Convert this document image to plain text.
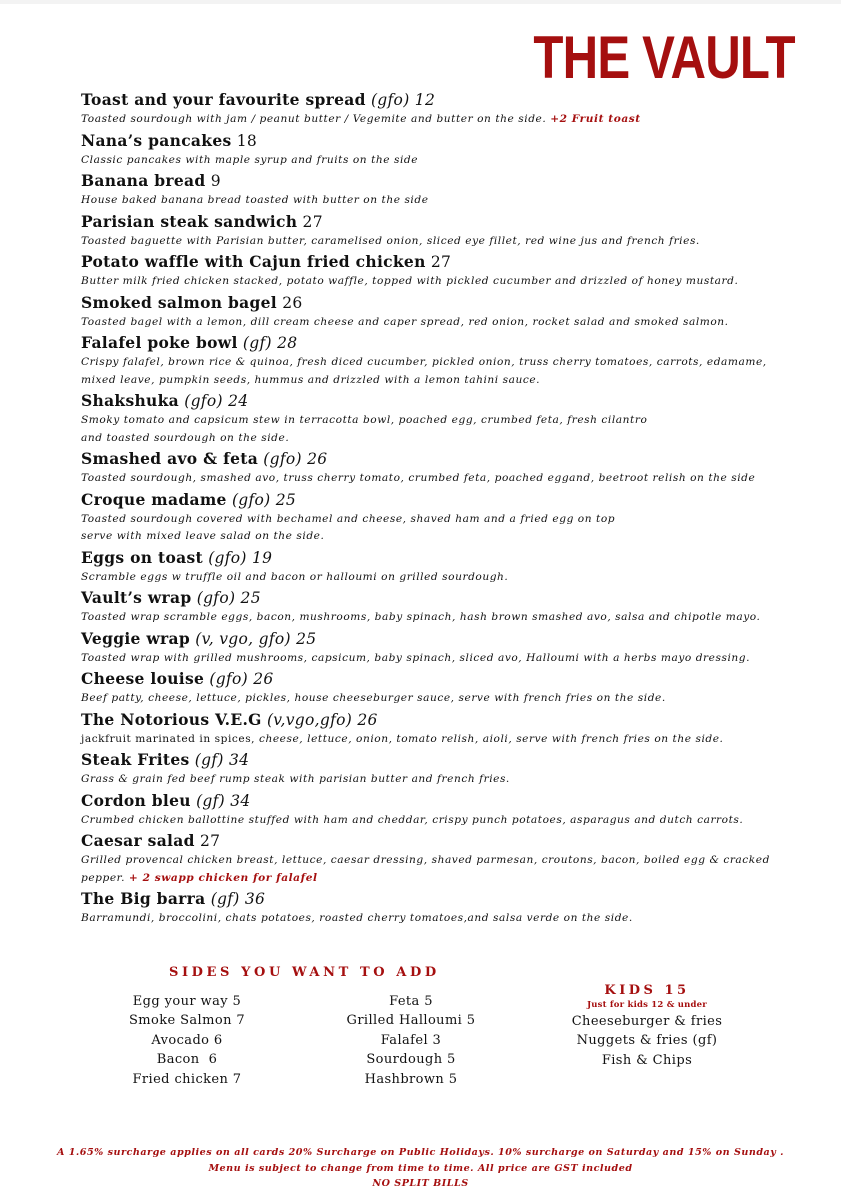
THE VAULT
Toast and your favourite spread (gfo) 12
Toasted sourdough with jam / peanut butter / Vegemite and butter on the side. +2 Fruit toast
Nana’s pancakes 18
Classic pancakes with maple syrup and fruits on the side
Banana bread 9
House baked banana bread toasted with butter on the side
Parisian steak sandwich 27
Toasted baguette with Parisian butter, caramelised onion, sliced eye fillet, red wine jus and french fries.
Potato waffle with Cajun fried chicken 27
Butter milk fried chicken stacked, potato waffle, topped with pickled cucumber and drizzled of honey mustard.
Smoked salmon bagel 26
Toasted bagel with a lemon, dill cream cheese and caper spread, red onion, rocket salad and smoked salmon.
Falafel poke bowl (gf) 28
Crispy falafel, brown rice & quinoa, fresh diced cucumber, pickled onion, truss cherry tomatoes, carrots, edamame,
mixed leave, pumpkin seeds, hummus and drizzled with a lemon tahini sauce.
Shakshuka (gfo) 24
Smoky tomato and capsicum stew in terracotta bowl, poached egg, crumbed feta, fresh cilantro
and toasted sourdough on the side.
Smashed avo & feta (gfo) 26
Toasted sourdough, smashed avo, truss cherry tomato, crumbed feta, poached eggand, beetroot relish on the side
Croque madame (gfo) 25
Toasted sourdough covered with bechamel and cheese, shaved ham and a fried egg on top
serve with mixed leave salad on the side.
Eggs on toast (gfo) 19
Scramble eggs w truffle oil and bacon or halloumi on grilled sourdough.
Vault’s wrap (gfo) 25
Toasted wrap scramble eggs, bacon, mushrooms, baby spinach, hash brown smashed avo, salsa and chipotle mayo.
Veggie wrap (v, vgo, gfo) 25
Toasted wrap with grilled mushrooms, capsicum, baby spinach, sliced avo, Halloumi with a herbs mayo dressing.
Cheese louise (gfo) 26
Beef patty, cheese, lettuce, pickles, house cheeseburger sauce, serve with french fries on the side.
The Notorious V.E.G (v,vgo,gfo) 26
jackfruit marinated in spices, cheese, lettuce, onion, tomato relish, aioli, serve with french fries on the side.
Steak Frites (gf) 34
Grass & grain fed beef rump steak with parisian butter and french fries.
Cordon bleu (gf) 34
Crumbed chicken ballottine stuffed with ham and cheddar, crispy punch potatoes, asparagus and dutch carrots.
Caesar salad 27
Grilled provencal chicken breast, lettuce, caesar dressing, shaved parmesan, croutons, bacon, boiled egg & cracked
pepper. + 2 swapp chicken for falafel
The Big barra (gf) 36
Barramundi, broccolini, chats potatoes, roasted cherry tomatoes,and salsa verde on the side.
SIDES YOU WANT TO ADD
Egg your way 5
Smoke Salmon 7
Avocado 6
Bacon  6
Fried chicken 7
Feta 5
Grilled Halloumi 5
Falafel 3
Sourdough 5
Hashbrown 5
KIDS 15
Just for kids 12 & under
Cheeseburger & fries
Nuggets & fries (gf)
Fish & Chips
A 1.65% surcharge applies on all cards 20% Surcharge on Public Holidays. 10% surcharge on Saturday and 15% on Sunday .
Menu is subject to change from time to time. All price are GST included
NO SPLIT BILLS
